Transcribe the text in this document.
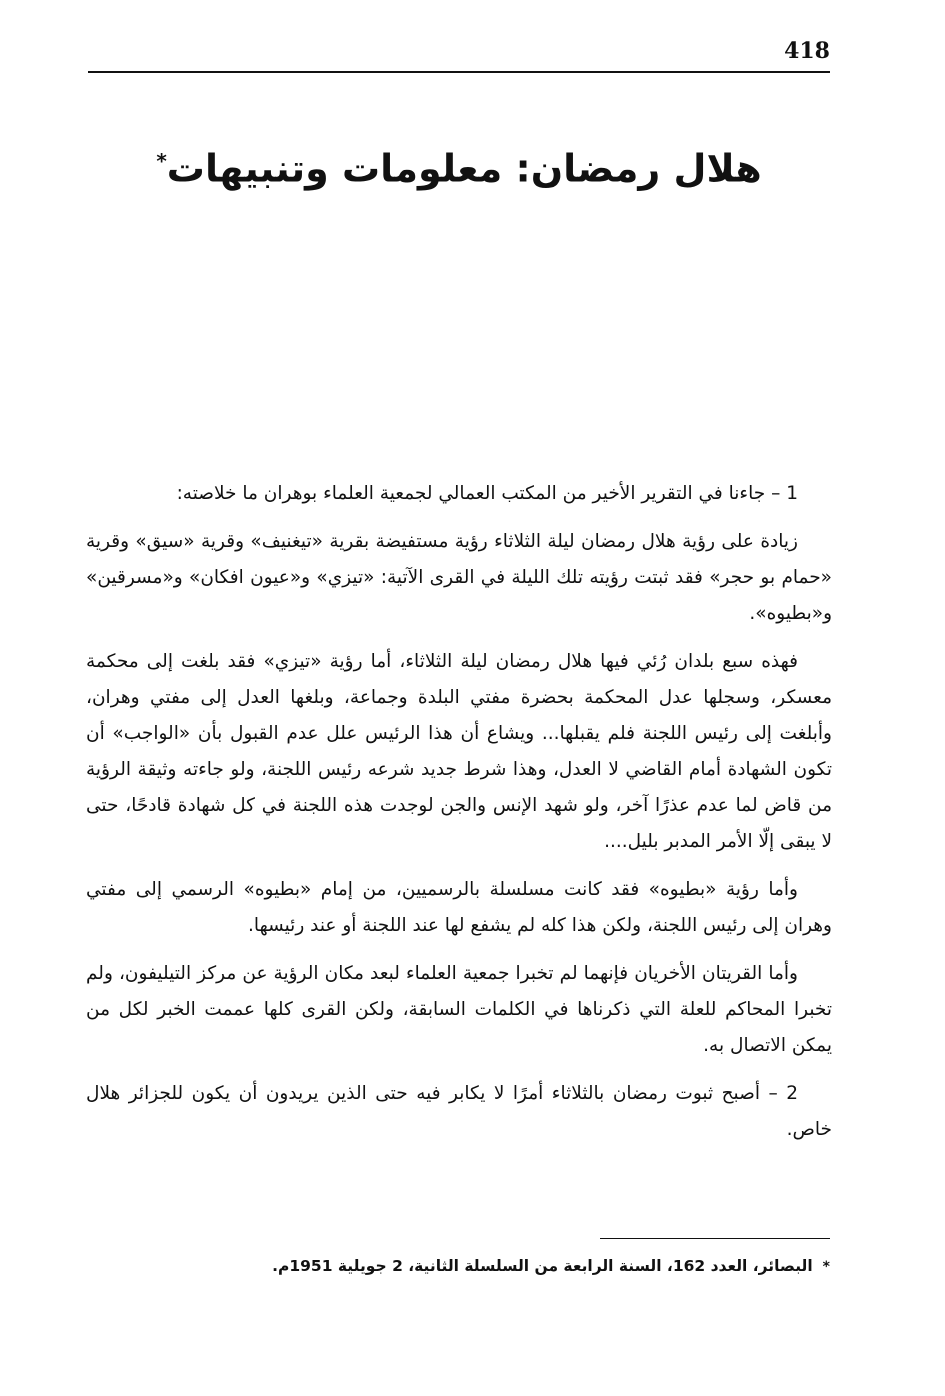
418
هلال رمضان: معلومات وتنبيهات*

1 – جاءنا في التقرير الأخير من المكتب العمالي لجمعية العلماء بوهران ما خلاصته:

زيادة على رؤية هلال رمضان ليلة الثلاثاء رؤية مستفيضة بقرية «تيغنيف» وقرية «سيق» وقرية «حمام بو حجر» فقد ثبتت رؤيته تلك الليلة في القرى الآتية: «تيزي» و«عيون افكان» و«مسرقين» و«بطيوه».

فهذه سبع بلدان رُئي فيها هلال رمضان ليلة الثلاثاء، أما رؤية «تيزي» فقد بلغت إلى محكمة معسكر، وسجلها عدل المحكمة بحضرة مفتي البلدة وجماعة، وبلغها العدل إلى مفتي وهران، وأبلغت إلى رئيس اللجنة فلم يقبلها... ويشاع أن هذا الرئيس علل عدم القبول بأن «الواجب» أن تكون الشهادة أمام القاضي لا العدل، وهذا شرط جديد شرعه رئيس اللجنة، ولو جاءته وثيقة الرؤية من قاض لما عدم عذرًا آخر، ولو شهد الإنس والجن لوجدت هذه اللجنة في كل شهادة قادحًا، حتى لا يبقى إلّا الأمر المدبر بليل....

وأما رؤية «بطيوه» فقد كانت مسلسلة بالرسميين، من إمام «بطيوه» الرسمي إلى مفتي وهران إلى رئيس اللجنة، ولكن هذا كله لم يشفع لها عند اللجنة أو عند رئيسها.

وأما القريتان الأخريان فإنهما لم تخبرا جمعية العلماء لبعد مكان الرؤية عن مركز التيليفون، ولم تخبرا المحاكم للعلة التي ذكرناها في الكلمات السابقة، ولكن القرى كلها عممت الخبر لكل من يمكن الاتصال به.

2 – أصبح ثبوت رمضان بالثلاثاء أمرًا لا يكابر فيه حتى الذين يريدون أن يكون للجزائر هلال خاص.

*البصائر، العدد 162، السنة الرابعة من السلسلة الثانية، 2 جويلية 1951م.
